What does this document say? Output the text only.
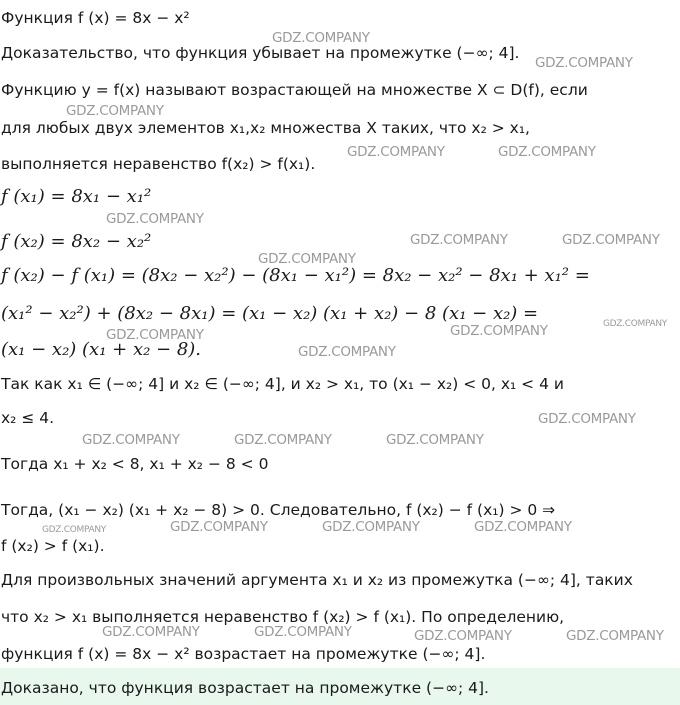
Функция f (x) = 8x − x²
Доказательство, что функция убывает на промежутке (−∞; 4].
Функцию y = f(x) называют возрастающей на множестве X ⊂ D(f), если
для любых двух элементов x₁,x₂ множества X таких, что x₂ > x₁,
выполняется неравенство f(x₂) > f(x₁).
f (x₁) = 8x₁ − x₁²
f (x₂) = 8x₂ − x₂²
f (x₂) − f (x₁) = (8x₂ − x₂²) − (8x₁ − x₁²) = 8x₂ − x₂² − 8x₁ + x₁² =
(x₁² − x₂²) + (8x₂ − 8x₁) = (x₁ − x₂) (x₁ + x₂) − 8 (x₁ − x₂) =
(x₁ − x₂) (x₁ + x₂ − 8).
Так как x₁ ∈ (−∞; 4] и x₂ ∈ (−∞; 4], и x₂ > x₁, то (x₁ − x₂) < 0, x₁ < 4 и
x₂ ≤ 4.
Тогда x₁ + x₂ < 8, x₁ + x₂ − 8 < 0
Тогда, (x₁ − x₂) (x₁ + x₂ − 8) > 0. Следовательно, f (x₂) − f (x₁) > 0 ⇒
f (x₂) > f (x₁).
Для произвольных значений аргумента x₁ и x₂ из промежутка (−∞; 4], таких
что x₂ > x₁ выполняется неравенство f (x₂) > f (x₁). По определению,
функция f (x) = 8x − x² возрастает на промежутке (−∞; 4].
Доказано, что функция возрастает на промежутке (−∞; 4].
GDZ.COMPANY
GDZ.COMPANY
GDZ.COMPANY
GDZ.COMPANY	GDZ.COMPANY
GDZ.COMPANY
GDZ.COMPANY	GDZ.COMPANY
GDZ.COMPANY
GDZ.COMPANY	GDZ.COMPANY
GDZ.COMPANY
GDZ.COMPANY
GDZ.COMPANY
GDZ.COMPANY	GDZ.COMPANY	GDZ.COMPANY
GDZ.COMPANY	GDZ.COMPANY	GDZ.COMPANY	GDZ.COMPANY
GDZ.COMPANY	GDZ.COMPANY	GDZ.COMPANY	GDZ.COMPANY
